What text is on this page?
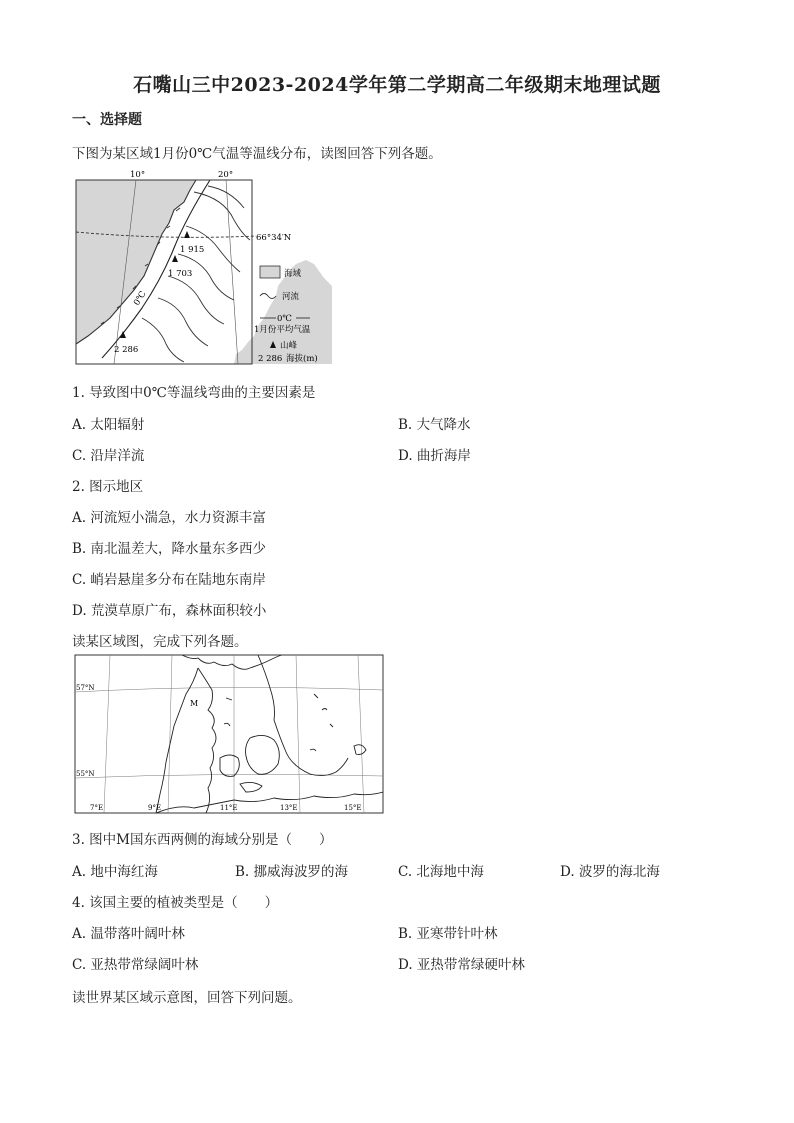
石嘴山三中2023-2024学年第二学期高二年级期末地理试题
一、选择题
下图为某区域1月份0℃气温等温线分布，读图回答下列各题。
10°	20°
66°34′N
0℃
1 915
1 703
2 286
海域
河流
0℃
1月份平均气温
山峰
2 286 海拔(m)
1. 导致图中0℃等温线弯曲的主要因素是
A. 太阳辐射	B. 大气降水
C. 沿岸洋流	D. 曲折海岸
2. 图示地区
A. 河流短小湍急，水力资源丰富
B. 南北温差大，降水量东多西少
C. 峭岩悬崖多分布在陆地东南岸
D. 荒漠草原广布，森林面积较小
读某区域图，完成下列各题。
57°N
55°N
7°E	9°E	11°E	13°E	15°E
M
3. 图中M国东西两侧的海域分别是（　　）
A. 地中海红海	B. 挪威海波罗的海	C. 北海地中海	D. 波罗的海北海
4. 该国主要的植被类型是（　　）
A. 温带落叶阔叶林	B. 亚寒带针叶林
C. 亚热带常绿阔叶林	D. 亚热带常绿硬叶林
读世界某区域示意图，回答下列问题。
